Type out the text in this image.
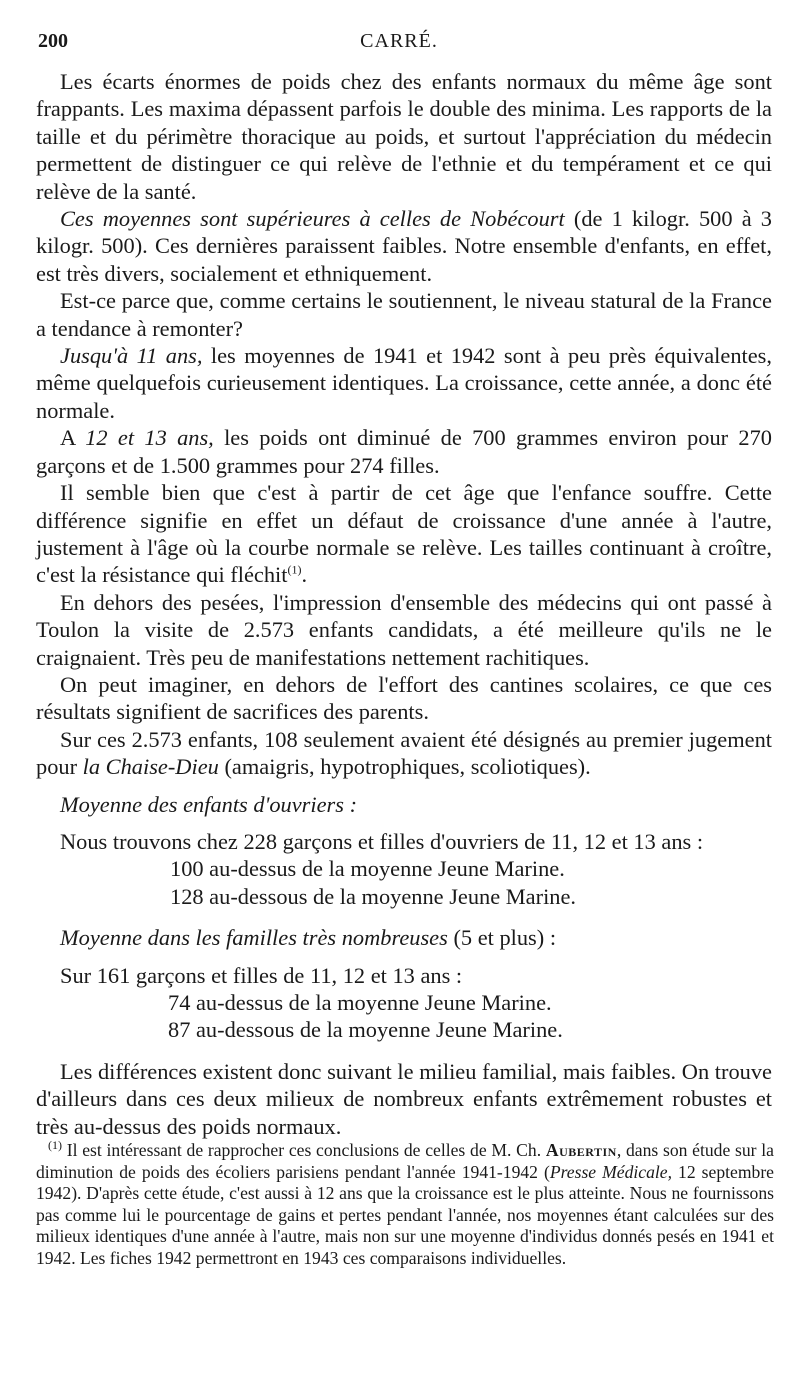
200	CARRÉ.

Les écarts énormes de poids chez des enfants normaux du même âge sont frappants. Les maxima dépassent parfois le double des minima. Les rapports de la taille et du périmètre thoracique au poids, et surtout l'appréciation du médecin permettent de distinguer ce qui relève de l'ethnie et du tempérament et ce qui relève de la santé.

Ces moyennes sont supérieures à celles de Nobécourt (de 1 kilogr. 500 à 3 kilogr. 500). Ces dernières paraissent faibles. Notre ensemble d'enfants, en effet, est très divers, socialement et ethniquement.

Est-ce parce que, comme certains le soutiennent, le niveau statural de la France a tendance à remonter?

Jusqu'à 11 ans, les moyennes de 1941 et 1942 sont à peu près équivalentes, même quelquefois curieusement identiques. La croissance, cette année, a donc été normale.

A 12 et 13 ans, les poids ont diminué de 700 grammes environ pour 270 garçons et de 1.500 grammes pour 274 filles.

Il semble bien que c'est à partir de cet âge que l'enfance souffre. Cette différence signifie en effet un défaut de croissance d'une année à l'autre, justement à l'âge où la courbe normale se relève. Les tailles continuant à croître, c'est la résistance qui fléchit$^{(1)}$.

En dehors des pesées, l'impression d'ensemble des médecins qui ont passé à Toulon la visite de 2.573 enfants candidats, a été meilleure qu'ils ne le craignaient. Très peu de manifestations nettement rachitiques.

On peut imaginer, en dehors de l'effort des cantines scolaires, ce que ces résultats signifient de sacrifices des parents.

Sur ces 2.573 enfants, 108 seulement avaient été désignés au premier jugement pour la Chaise-Dieu (amaigris, hypotrophiques, scoliotiques).

Moyenne des enfants d'ouvriers :

Nous trouvons chez 228 garçons et filles d'ouvriers de 11, 12 et 13 ans :

100 au-dessus de la moyenne Jeune Marine.

128 au-dessous de la moyenne Jeune Marine.

Moyenne dans les familles très nombreuses (5 et plus) :

Sur 161 garçons et filles de 11, 12 et 13 ans :

74 au-dessus de la moyenne Jeune Marine.

87 au-dessous de la moyenne Jeune Marine.

Les différences existent donc suivant le milieu familial, mais faibles. On trouve d'ailleurs dans ces deux milieux de nombreux enfants extrêmement robustes et très au-dessus des poids normaux.

$^{(1)}$ Il est intéressant de rapprocher ces conclusions de celles de M. Ch. Aubertin, dans son étude sur la diminution de poids des écoliers parisiens pendant l'année 1941-1942 (Presse Médicale, 12 septembre 1942). D'après cette étude, c'est aussi à 12 ans que la croissance est le plus atteinte. Nous ne fournissons pas comme lui le pourcentage de gains et pertes pendant l'année, nos moyennes étant calculées sur des milieux identiques d'une année à l'autre, mais non sur une moyenne d'individus donnés pesés en 1941 et 1942. Les fiches 1942 permettront en 1943 ces comparaisons individuelles.
